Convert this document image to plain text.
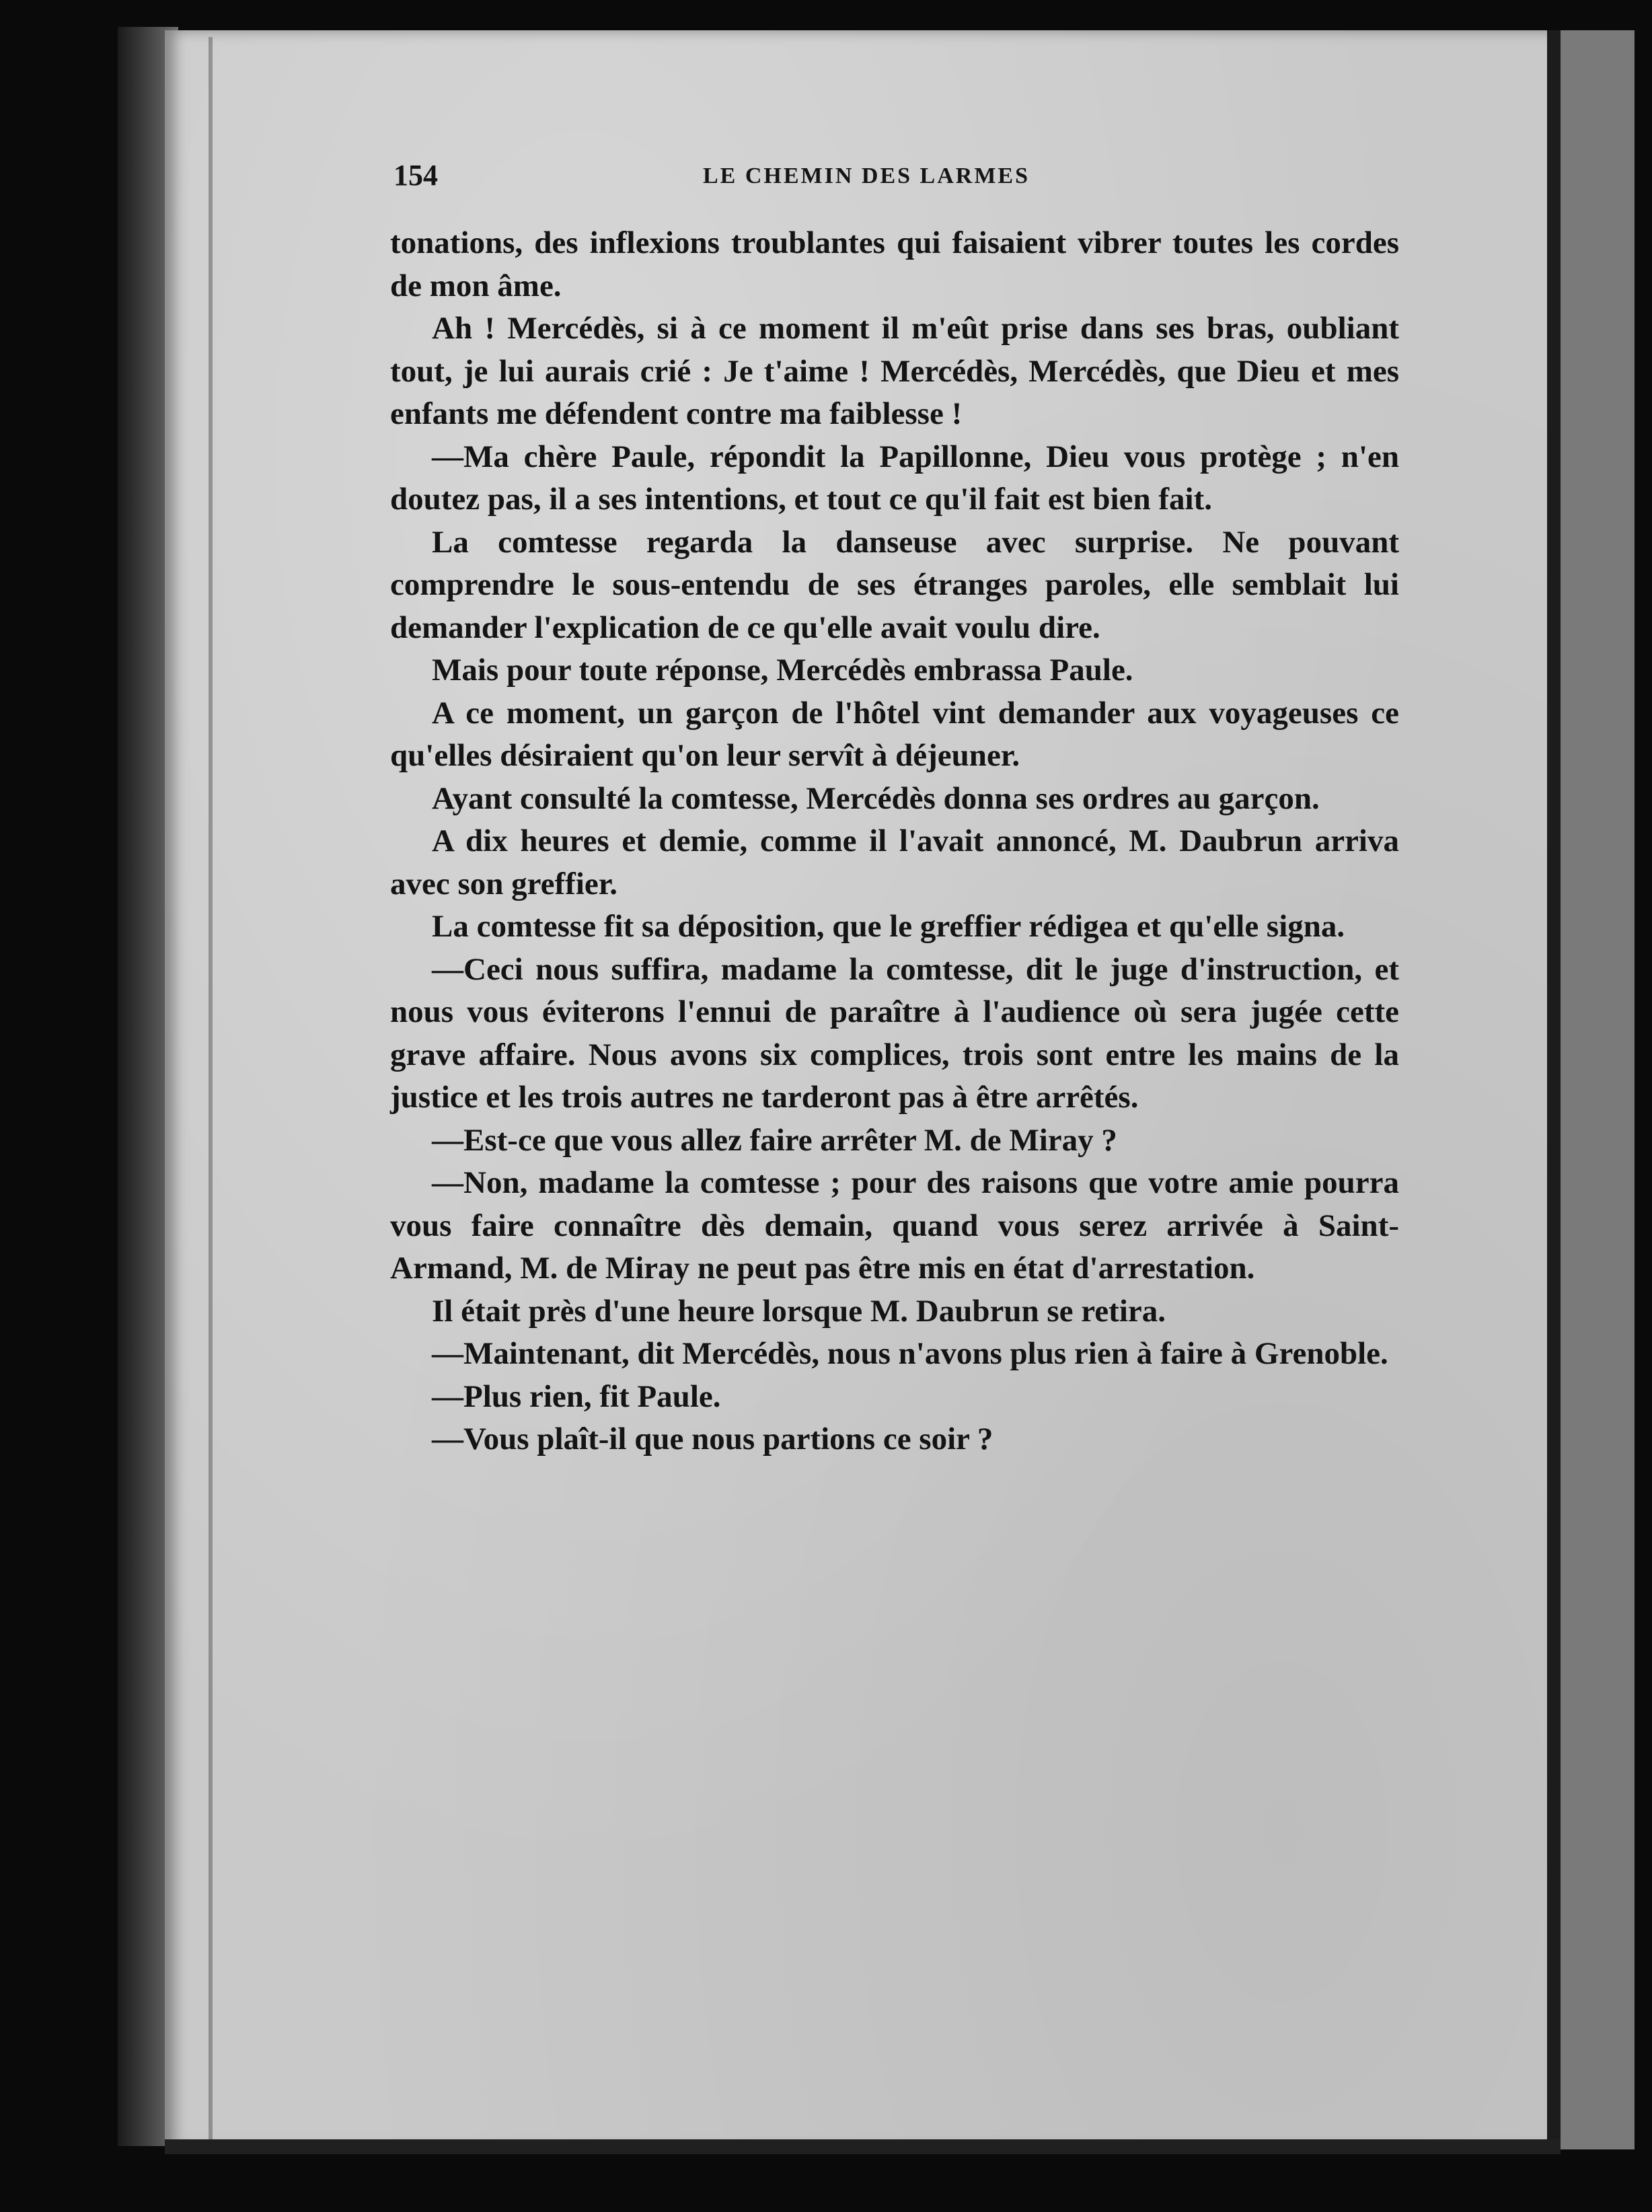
154	LE CHEMIN DES LARMES

tonations, des inflexions troublantes qui faisaient vibrer toutes les cordes de mon âme.

Ah ! Mercédès, si à ce moment il m'eût prise dans ses bras, oubliant tout, je lui aurais crié : Je t'aime ! Mercédès, Mercédès, que Dieu et mes enfants me défendent contre ma faiblesse !

—Ma chère Paule, répondit la Papillonne, Dieu vous protège ; n'en doutez pas, il a ses intentions, et tout ce qu'il fait est bien fait.

La comtesse regarda la danseuse avec surprise. Ne pouvant comprendre le sous-entendu de ses étranges paroles, elle semblait lui demander l'explication de ce qu'elle avait voulu dire.

Mais pour toute réponse, Mercédès embrassa Paule.

A ce moment, un garçon de l'hôtel vint demander aux voyageuses ce qu'elles désiraient qu'on leur servît à déjeuner.

Ayant consulté la comtesse, Mercédès donna ses ordres au garçon.

A dix heures et demie, comme il l'avait annoncé, M. Daubrun arriva avec son greffier.

La comtesse fit sa déposition, que le greffier rédigea et qu'elle signa.

—Ceci nous suffira, madame la comtesse, dit le juge d'instruction, et nous vous éviterons l'ennui de paraître à l'audience où sera jugée cette grave affaire. Nous avons six complices, trois sont entre les mains de la justice et les trois autres ne tarderont pas à être arrêtés.

—Est-ce que vous allez faire arrêter M. de Miray ?

—Non, madame la comtesse ; pour des raisons que votre amie pourra vous faire connaître dès demain, quand vous serez arrivée à Saint-Armand, M. de Miray ne peut pas être mis en état d'arrestation.

Il était près d'une heure lorsque M. Daubrun se retira.

—Maintenant, dit Mercédès, nous n'avons plus rien à faire à Grenoble.

—Plus rien, fit Paule.

—Vous plaît-il que nous partions ce soir ?
